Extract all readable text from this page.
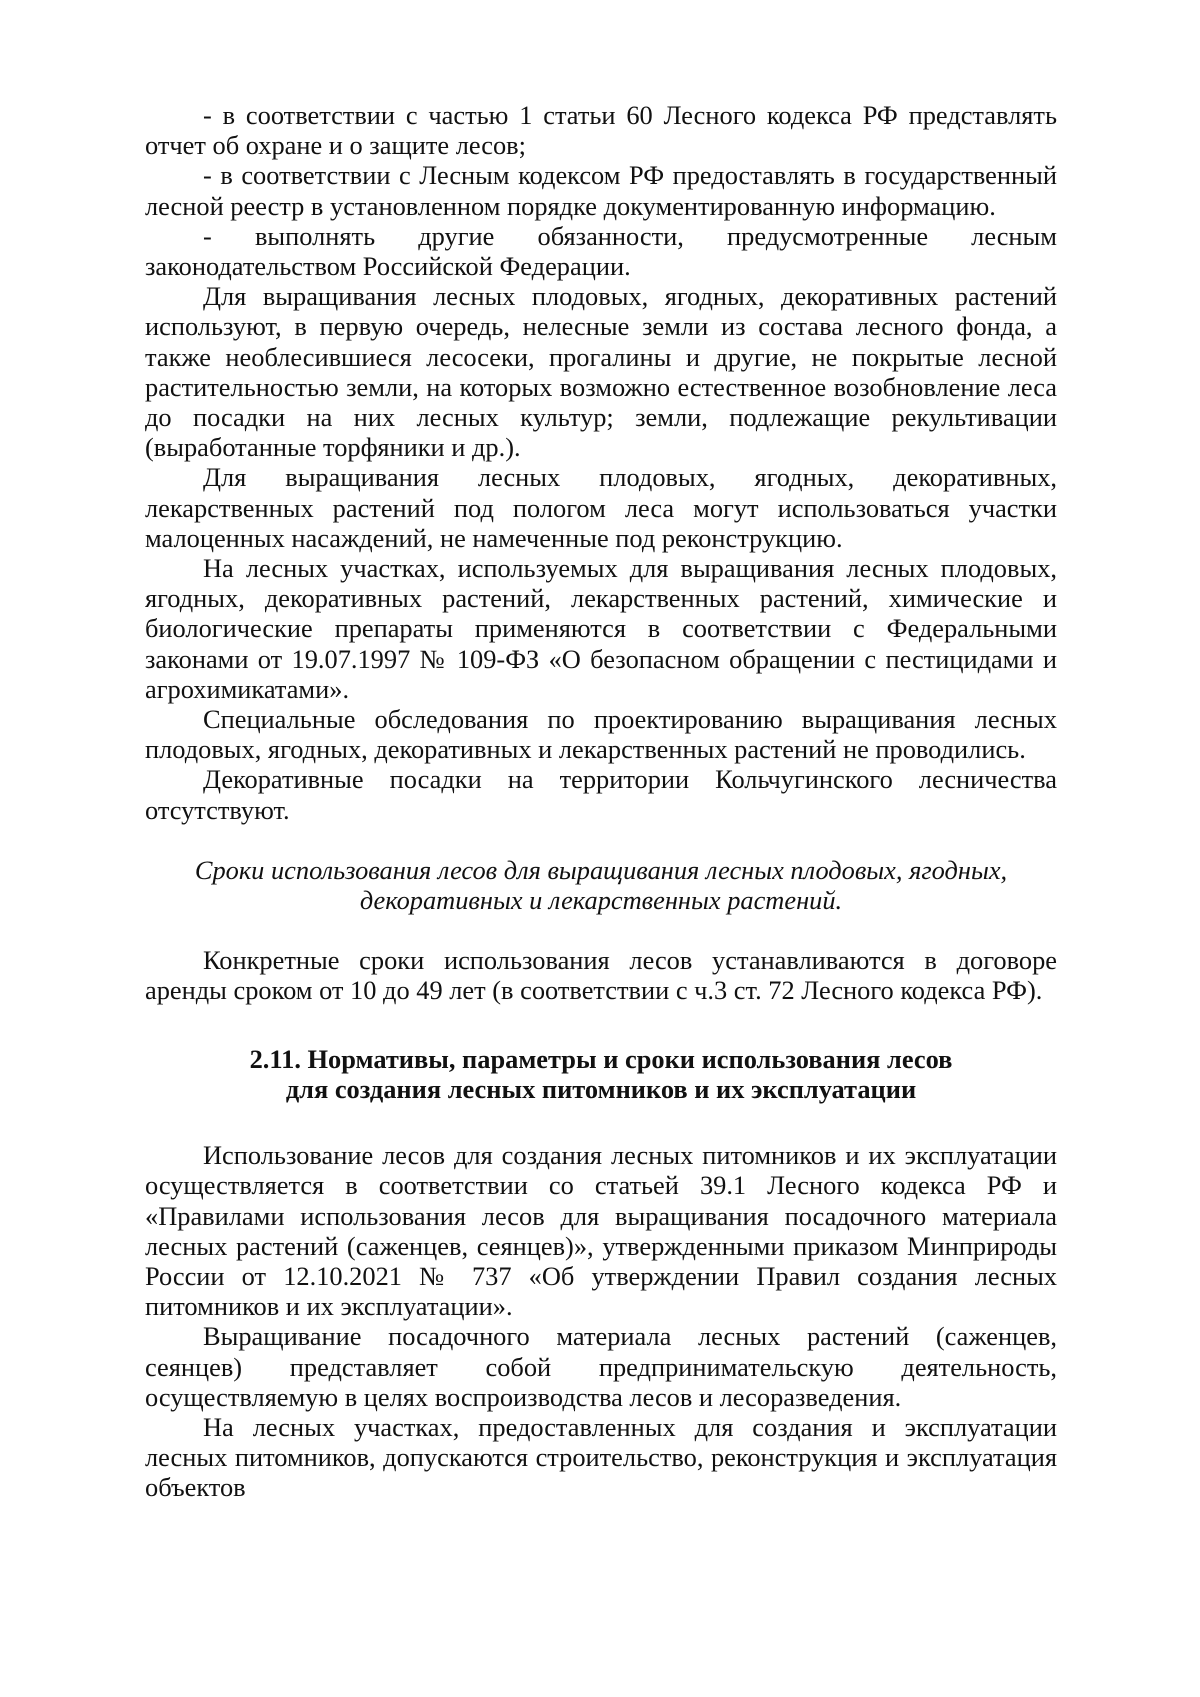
- в соответствии с частью 1 статьи 60 Лесного кодекса РФ представлять отчет об охране и о защите лесов;

- в соответствии с Лесным кодексом РФ предоставлять в государственный лесной реестр в установленном порядке документированную информацию.

- выполнять другие обязанности, предусмотренные лесным законодательством Российской Федерации.

Для выращивания лесных плодовых, ягодных, декоративных растений используют, в первую очередь, нелесные земли из состава лесного фонда, а также необлесившиеся лесосеки, прогалины и другие, не покрытые лесной растительностью земли, на которых возможно естественное возобновление леса до посадки на них лесных культур; земли, подлежащие рекультивации (выработанные торфяники и др.).

Для выращивания лесных плодовых, ягодных, декоративных, лекарственных растений под пологом леса могут использоваться участки малоценных насаждений, не намеченные под реконструкцию.

На лесных участках, используемых для выращивания лесных плодовых, ягодных, декоративных растений, лекарственных растений, химические и биологические препараты применяются в соответствии с Федеральными законами от 19.07.1997 № 109-ФЗ «О безопасном обращении с пестицидами и агрохимикатами».

Специальные обследования по проектированию выращивания лесных плодовых, ягодных, декоративных и лекарственных растений не проводились.

Декоративные посадки на территории Кольчугинского лесничества отсутствуют.

Сроки использования лесов для выращивания лесных плодовых, ягодных,
декоративных и лекарственных растений.

Конкретные сроки использования лесов устанавливаются в договоре аренды сроком от 10 до 49 лет (в соответствии с ч.3 ст. 72 Лесного кодекса РФ).

2.11. Нормативы, параметры и сроки использования лесов
для создания лесных питомников и их эксплуатации

Использование лесов для создания лесных питомников и их эксплуатации осуществляется в соответствии со статьей 39.1 Лесного кодекса РФ и «Правилами использования лесов для выращивания посадочного материала лесных растений (саженцев, сеянцев)», утвержденными приказом Минприроды России от 12.10.2021 № 737 «Об утверждении Правил создания лесных питомников и их эксплуатации».

Выращивание посадочного материала лесных растений (саженцев, сеянцев) представляет собой предпринимательскую деятельность, осуществляемую в целях воспроизводства лесов и лесоразведения.

На лесных участках, предоставленных для создания и эксплуатации лесных питомников, допускаются строительство, реконструкция и эксплуатация объектов
